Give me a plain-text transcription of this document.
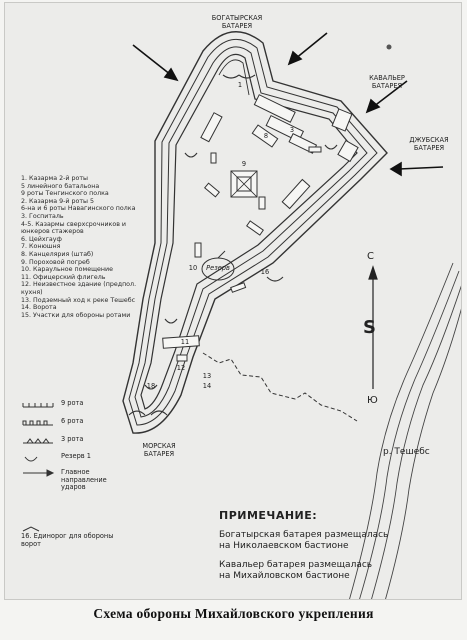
БОГАТЫРСКАЯ БАТАРЕЯ
КАВАЛЬЕР БАТАРЕЯ
ДЖУБСКАЯ БАТАРЕЯ
МОРСКАЯ БАТАРЕЯ	р. Тешебс
Резерв
1
3
8
9
10
11
12
13
14
16
18
С
S
Ю
1. Казарма 2-й роты
5 линейного батальона
9 роты Тенгинского полка
2. Казарма 9-й роты 5
6-на и 6 роты Навагинского полка
3. Госпиталь
4-5. Казармы сверхсрочников и юнкеров стажеров
6. Цейхгауф
7. Конюшня
8. Канцелярия (штаб)
9. Пороховой погреб
10. Караульное помещение
11. Офицерский флигель
12. Неизвестное здание (предпол. кухня)
13. Подземный ход к реке Тешебс
14. Ворота
15. Участки для обороны ротами
9 рота
6 рота
3 рота
Резерв 1
Главное направление ударов
16. Единорог для обороны ворот
ПРИМЕЧАНИЕ:
Богатырская батарея размещалась
на Николаевском бастионе
Кавальер батарея размещалась
на Михайловском бастионе
Схема обороны Михайловского укрепления
